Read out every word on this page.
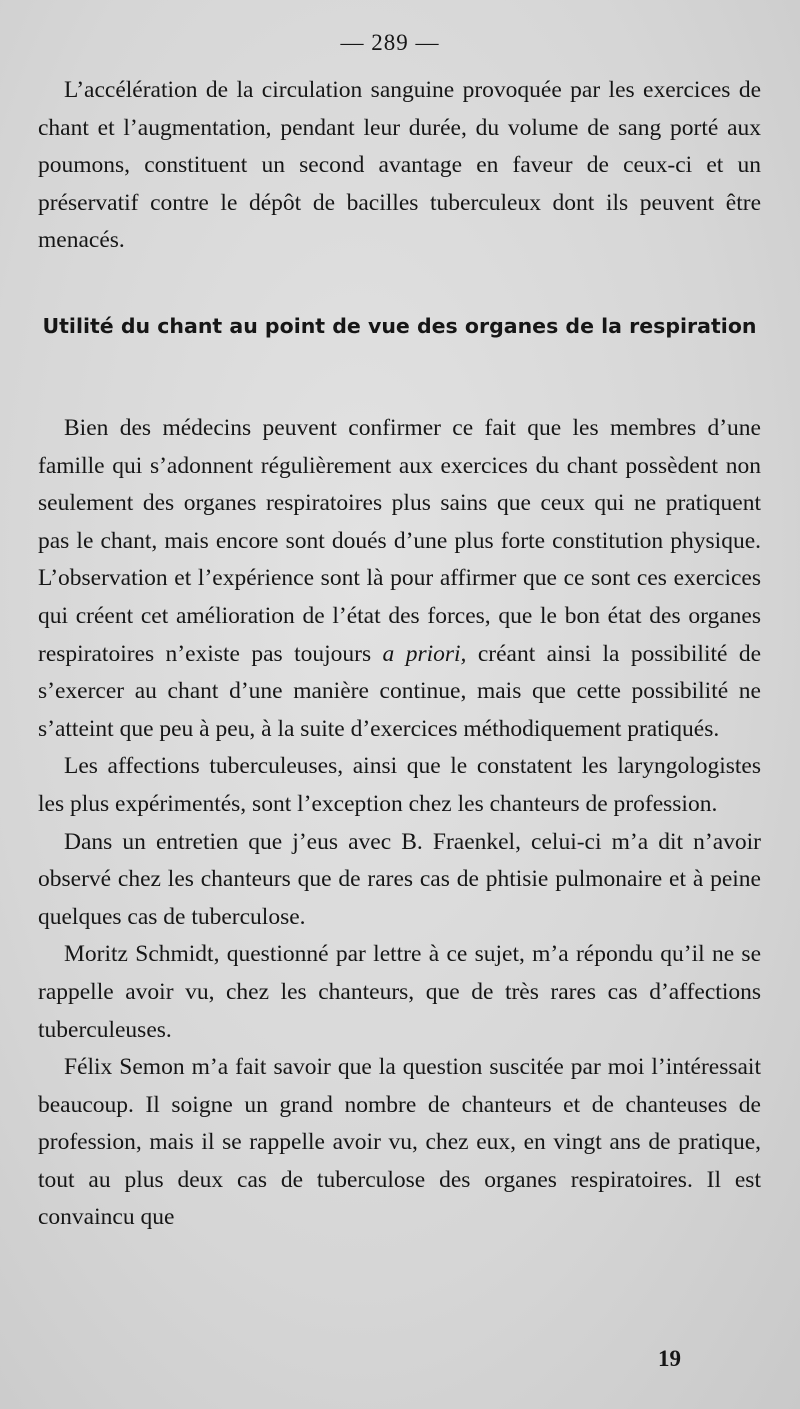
— 289 —

L’accélération de la circulation sanguine provoquée par les exercices de chant et l’augmentation, pendant leur durée, du volume de sang porté aux poumons, constituent un second avantage en faveur de ceux-ci et un préservatif contre le dépôt de bacilles tuberculeux dont ils peuvent être menacés.

Utilité du chant au point de vue des organes de la respiration

Bien des médecins peuvent confirmer ce fait que les membres d’une famille qui s’adonnent régulièrement aux exercices du chant possèdent non seulement des organes respiratoires plus sains que ceux qui ne pratiquent pas le chant, mais encore sont doués d’une plus forte constitution physique. L’observation et l’expérience sont là pour affirmer que ce sont ces exercices qui créent cet amélioration de l’état des forces, que le bon état des organes respiratoires n’existe pas toujours a priori, créant ainsi la possibilité de s’exercer au chant d’une manière continue, mais que cette possibilité ne s’atteint que peu à peu, à la suite d’exercices méthodiquement pratiqués.

Les affections tuberculeuses, ainsi que le constatent les laryngologistes les plus expérimentés, sont l’exception chez les chanteurs de profession.

Dans un entretien que j’eus avec B. Fraenkel, celui-ci m’a dit n’avoir observé chez les chanteurs que de rares cas de phtisie pulmonaire et à peine quelques cas de tuberculose.

Moritz Schmidt, questionné par lettre à ce sujet, m’a répondu qu’il ne se rappelle avoir vu, chez les chanteurs, que de très rares cas d’affections tuberculeuses.

Félix Semon m’a fait savoir que la question suscitée par moi l’intéressait beaucoup. Il soigne un grand nombre de chanteurs et de chanteuses de profession, mais il se rappelle avoir vu, chez eux, en vingt ans de pratique, tout au plus deux cas de tuberculose des organes respiratoires. Il est convaincu que

19
